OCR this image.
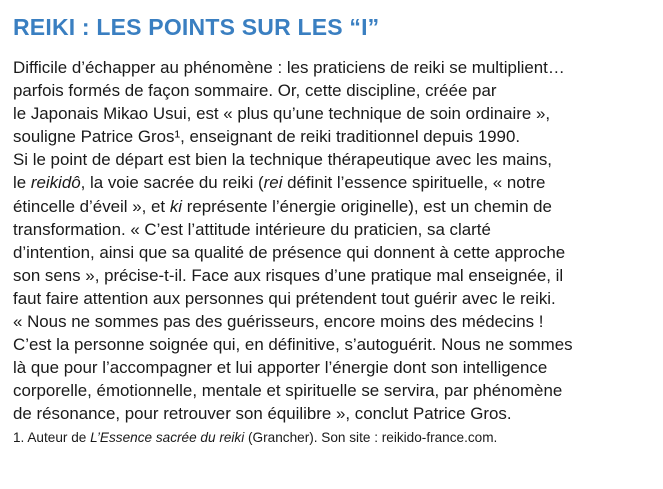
REIKI : LES POINTS SUR LES “I”
Difficile d’échapper au phénomène : les praticiens de reiki se multiplient…
parfois formés de façon sommaire. Or, cette discipline, créée par
le Japonais Mikao Usui, est « plus qu’une technique de soin ordinaire »,
souligne Patrice Gros¹, enseignant de reiki traditionnel depuis 1990.
Si le point de départ est bien la technique thérapeutique avec les mains,
le reikidô, la voie sacrée du reiki (rei définit l’essence spirituelle, « notre
étincelle d’éveil », et ki représente l’énergie originelle), est un chemin de
transformation. « C’est l’attitude intérieure du praticien, sa clarté
d’intention, ainsi que sa qualité de présence qui donnent à cette approche
son sens », précise-t-il. Face aux risques d’une pratique mal enseignée, il
faut faire attention aux personnes qui prétendent tout guérir avec le reiki.
« Nous ne sommes pas des guérisseurs, encore moins des médecins !
C’est la personne soignée qui, en définitive, s’autoguérit. Nous ne sommes
là que pour l’accompagner et lui apporter l’énergie dont son intelligence
corporelle, émotionnelle, mentale et spirituelle se servira, par phénomène
de résonance, pour retrouver son équilibre », conclut Patrice Gros.

1. Auteur de L’Essence sacrée du reiki (Grancher). Son site : reikido-france.com.
